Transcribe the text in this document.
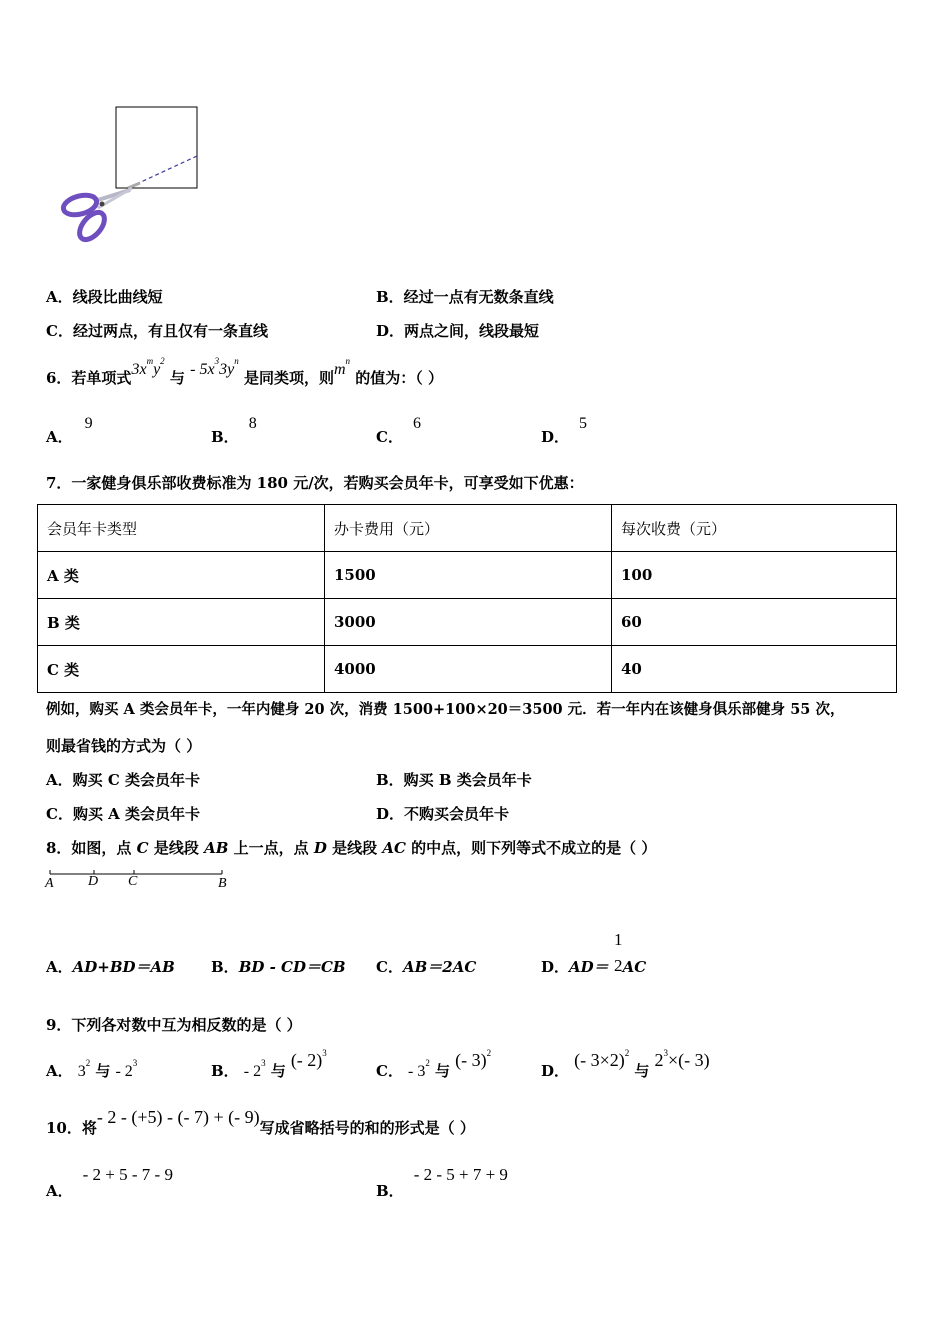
A．线段比曲线短	B．经过一点有无数条直线
C．经过两点，有且仅有一条直线	D．两点之间，线段最短
6．若单项式$3x^my^2$ 与 - $5x^33y^n$ 是同类项，则$m^n$ 的值为：（ ）
A．9
B．8
C．6
D．5
7．一家健身俱乐部收费标准为 180 元/次，若购买会员年卡，可享受如下优惠：
会员年卡类型	办卡费用（元）	每次收费（元）
A 类	1500	100
B 类	3000	60
C 类	4000	40
例如，购买 A 类会员年卡，一年内健身 20 次，消费 1500+100×20＝3500 元．若一年内在该健身俱乐部健身 55 次，
则最省钱的方式为（ ）
A．购买 C 类会员年卡	B．购买 B 类会员年卡
C．购买 A 类会员年卡	D．不购买会员年卡
8．如图，点 C 是线段 AB 上一点，点 D 是线段 AC 的中点，则下列等式不成立的是（ ）
A D C	B
A．AD+BD＝AB B．BD - CD＝CB C．AB＝2AC	D．AD＝ AC
1
2
9．下列各对数中互为相反数的是（ ）
A． $3^2$ 与 - $2^3$	B． - $2^3$ 与 (- 2)$^3$
C． - $3^2$ 与 (- 3)$^2$
D． (- 3×2)$^2$ 与 $2^3\times(-$ 3)
10．将- 2 - (+5) - (- 7) + (- 9)写成省略括号的和的形式是（ ）
A．- 2 + 5 - 7 - 9
B．- 2 - 5 + 7 + 9
